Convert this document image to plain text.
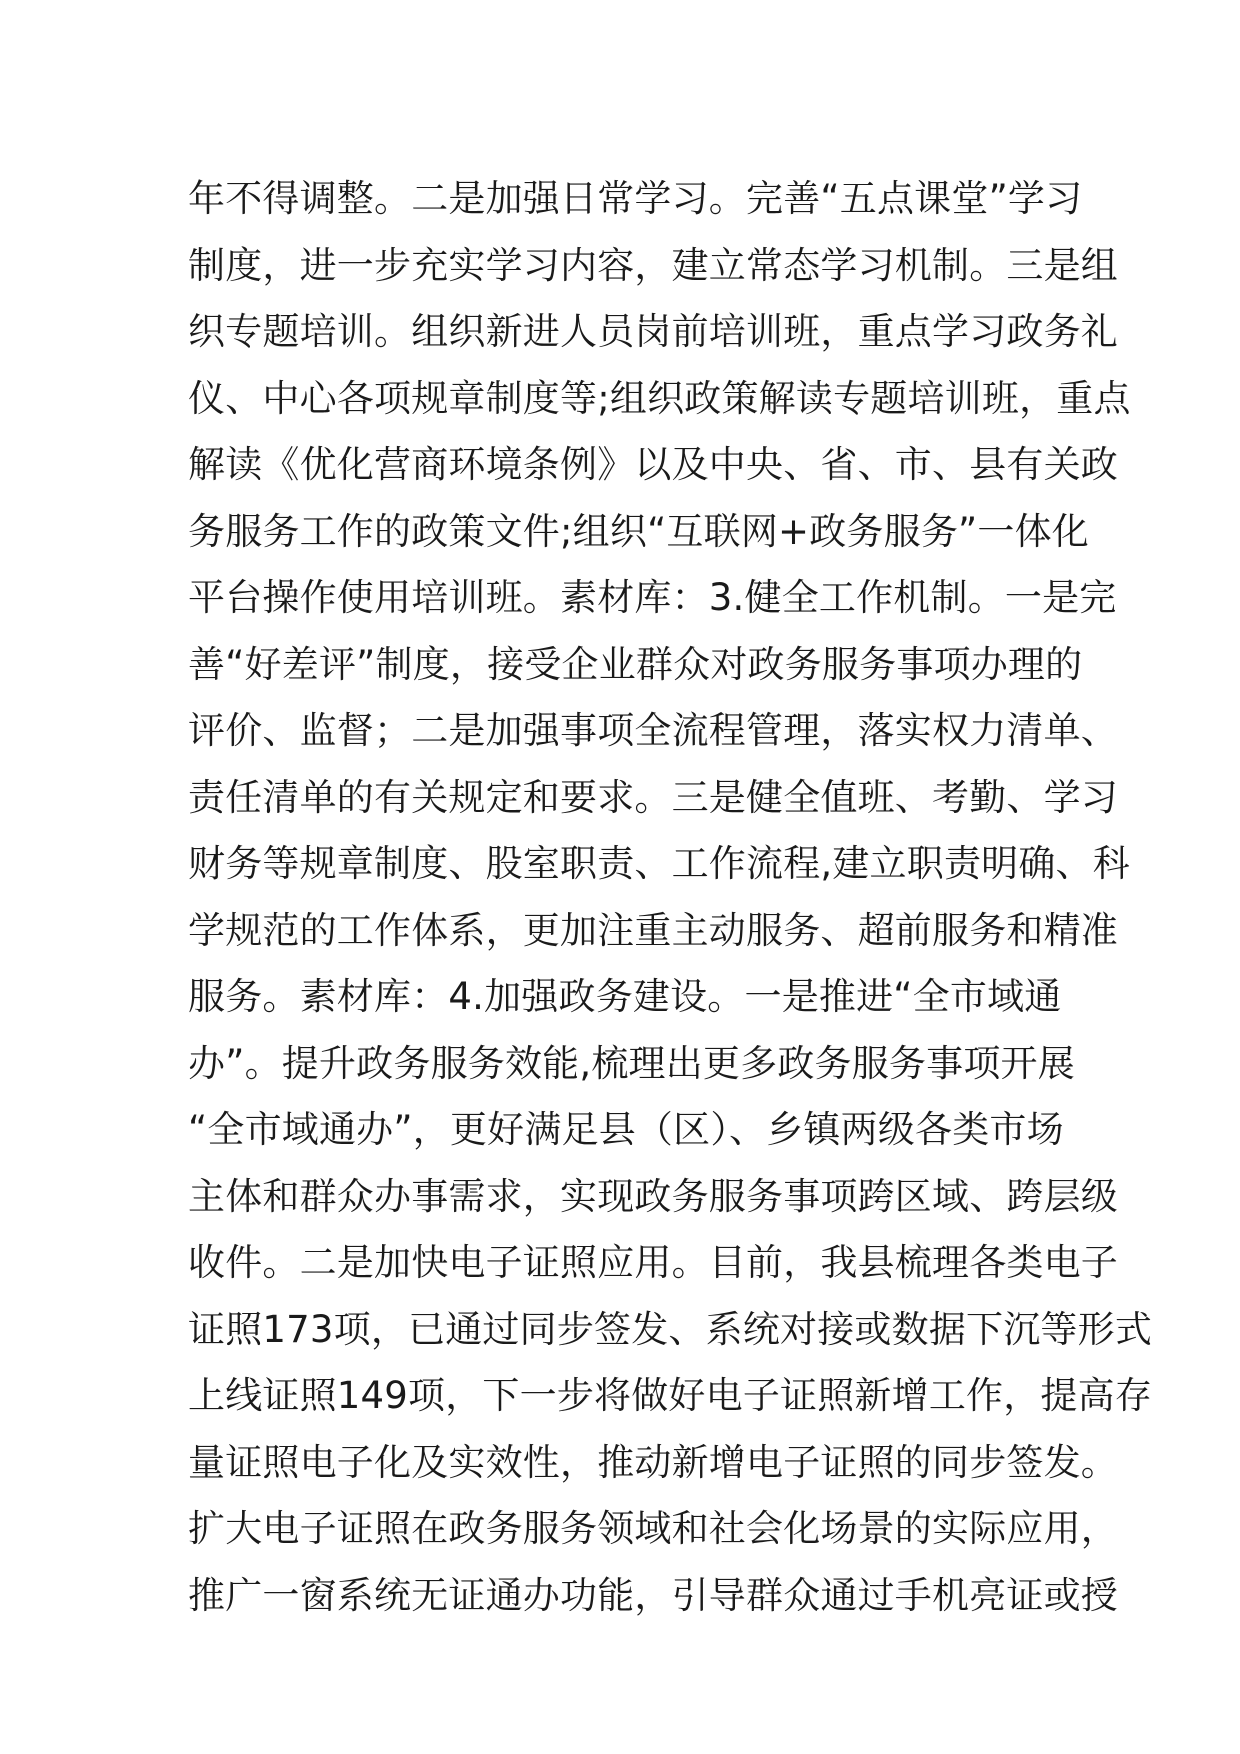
年不得调整。二是加强日常学习。完善“五点课堂”学习
制度，进一步充实学习内容，建立常态学习机制。三是组
织专题培训。组织新进人员岗前培训班，重点学习政务礼
仪、中心各项规章制度等;组织政策解读专题培训班，重点
解读《优化营商环境条例》以及中央、省、市、县有关政
务服务工作的政策文件;组织“互联网+政务服务”一体化
平台操作使用培训班。素材库：3.健全工作机制。一是完
善“好差评”制度，接受企业群众对政务服务事项办理的
评价、监督；二是加强事项全流程管理，落实权力清单、
责任清单的有关规定和要求。三是健全值班、考勤、学习
财务等规章制度、股室职责、工作流程,建立职责明确、科
学规范的工作体系，更加注重主动服务、超前服务和精准
服务。素材库：4.加强政务建设。一是推进“全市域通
办”。提升政务服务效能,梳理出更多政务服务事项开展
“全市域通办”，更好满足县（区）、乡镇两级各类市场
主体和群众办事需求，实现政务服务事项跨区域、跨层级
收件。二是加快电子证照应用。目前，我县梳理各类电子
证照173项，已通过同步签发、系统对接或数据下沉等形式
上线证照149项，下一步将做好电子证照新增工作，提高存
量证照电子化及实效性，推动新增电子证照的同步签发。
扩大电子证照在政务服务领域和社会化场景的实际应用，
推广一窗系统无证通办功能，引导群众通过手机亮证或授
